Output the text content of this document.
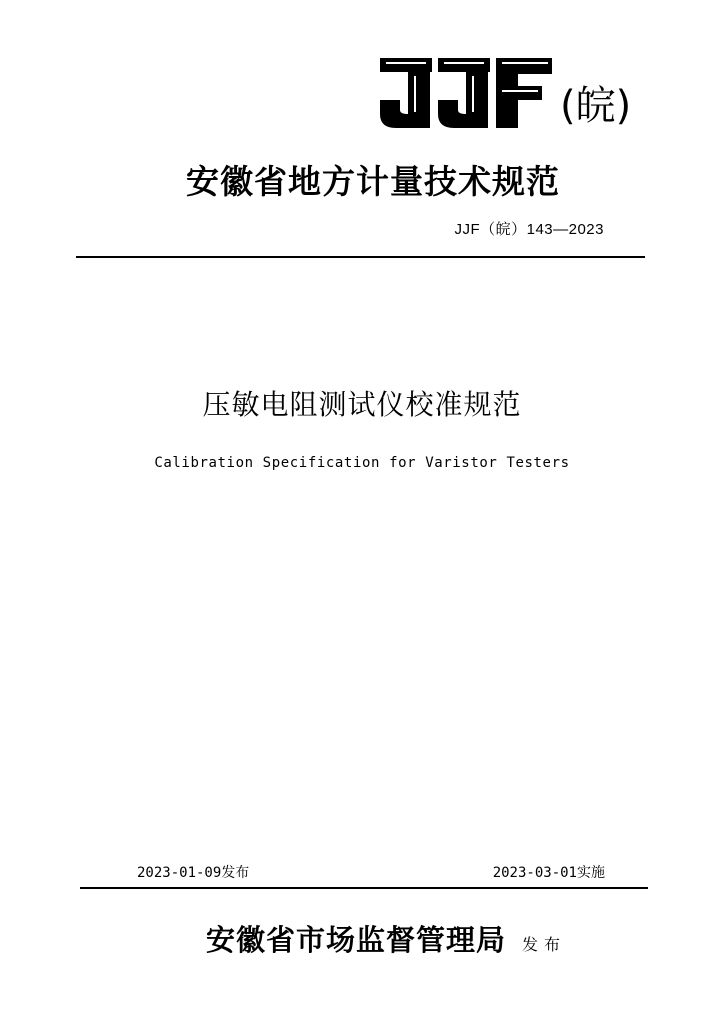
(皖)
安徽省地方计量技术规范
JJF（皖）143—2023
压敏电阻测试仪校准规范
Calibration Specification for Varistor Testers
2023-01-09发布	2023-03-01实施
安徽省市场监督管理局 发布
